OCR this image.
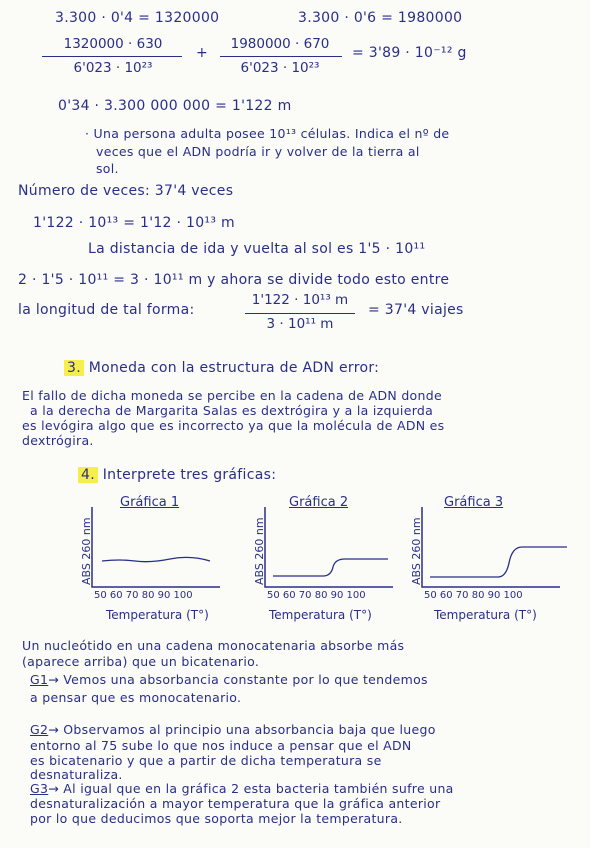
3.300 · 0'4 = 1320000	3.300 · 0'6 = 1980000
1320000 · 630
6'023 · 10²³
+
1980000 · 670
6'023 · 10²³
= 3'89 · 10⁻¹² g
0'34 · 3.300 000 000 = 1'122 m
· Una persona adulta posee 10¹³ células. Indica el nº de
veces que el ADN podría ir y volver de la tierra al
sol.
Número de veces: 37'4 veces
1'122 · 10¹³ = 1'12 · 10¹³ m
La distancia de ida y vuelta al sol es 1'5 · 10¹¹
2 · 1'5 · 10¹¹ = 3 · 10¹¹ m y ahora se divide todo esto entre
la longitud de tal forma:
1'122 · 10¹³ m
3 · 10¹¹ m
= 37'4 viajes
3. Moneda con la estructura de ADN error:
El fallo de dicha moneda se percibe en la cadena de ADN donde
a la derecha de Margarita Salas es dextrógira y a la izquierda
es levógira algo que es incorrecto ya que la molécula de ADN es
dextrógira.
4. Interprete tres gráficas:
Gráfica 1
ABS 260 nm
50 60 70 80 90 100
Temperatura (T°)
Gráfica 2
ABS 260 nm
50 60 70 80 90 100
Temperatura (T°)
Gráfica 3
ABS 260 nm
50 60 70 80 90 100
Temperatura (T°)
Un nucleótido en una cadena monocatenaria absorbe más
(aparece arriba) que un bicatenario.
G1→ Vemos una absorbancia constante por lo que tendemos
a pensar que es monocatenario.
G2→ Observamos al principio una absorbancia baja que luego
entorno al 75 sube lo que nos induce a pensar que el ADN
es bicatenario y que a partir de dicha temperatura se
desnaturaliza.
G3→ Al igual que en la gráfica 2 esta bacteria también sufre una
desnaturalización a mayor temperatura que la gráfica anterior
por lo que deducimos que soporta mejor la temperatura.
